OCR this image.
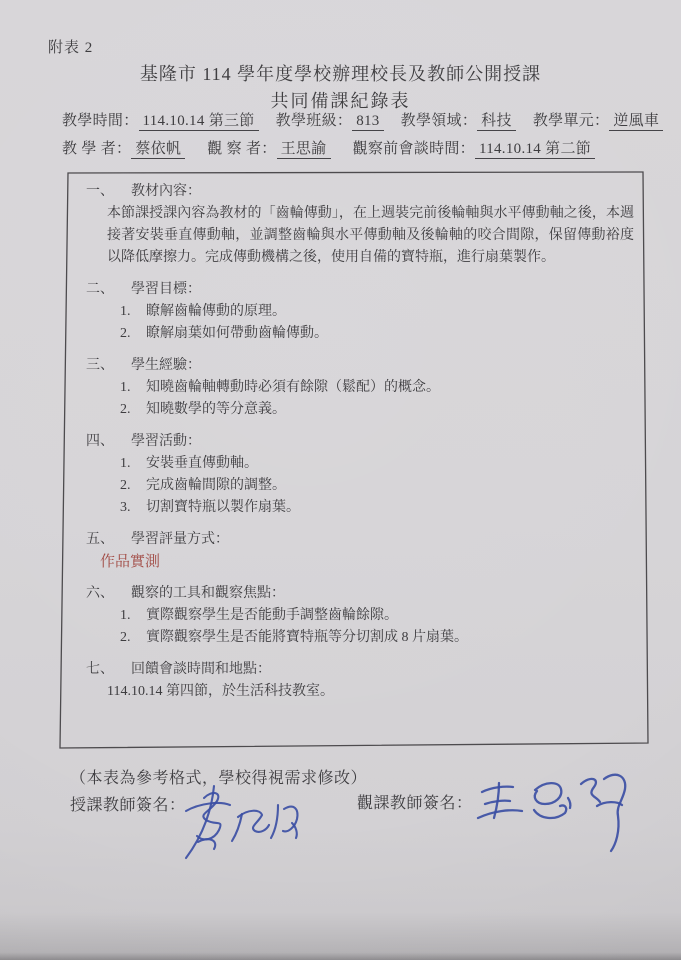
附表 2
基隆市 114 學年度學校辦理校長及教師公開授課
共同備課紀錄表
教學時間： 114.10.14 第三節 教學班級： 813 教學領域： 科技 教學單元： 逆風車
教 學 者： 蔡依帆 觀 察 者： 王思諭 觀察前會談時間： 114.10.14 第二節
一、 教材內容：
本節課授課內容為教材的「齒輪傳動」，在上週裝完前後輪軸與水平傳動軸之後，本週接著安裝垂直傳動軸，並調整齒輪與水平傳動軸及後輪軸的咬合間隙，保留傳動裕度以降低摩擦力。完成傳動機構之後，使用自備的寶特瓶，進行扇葉製作。
二、 學習目標：
1. 瞭解齒輪傳動的原理。
2. 瞭解扇葉如何帶動齒輪傳動。
三、 學生經驗：
1. 知曉齒輪軸轉動時必須有餘隙（鬆配）的概念。
2. 知曉數學的等分意義。
四、 學習活動：
1. 安裝垂直傳動軸。
2. 完成齒輪間隙的調整。
3. 切割寶特瓶以製作扇葉。
五、 學習評量方式：
作品實測
六、 觀察的工具和觀察焦點：
1. 實際觀察學生是否能動手調整齒輪餘隙。
2. 實際觀察學生是否能將寶特瓶等分切割成 8 片扇葉。
七、 回饋會談時間和地點：
114.10.14 第四節，於生活科技教室。
（本表為參考格式，學校得視需求修改）
授課教師簽名：	觀課教師簽名：
